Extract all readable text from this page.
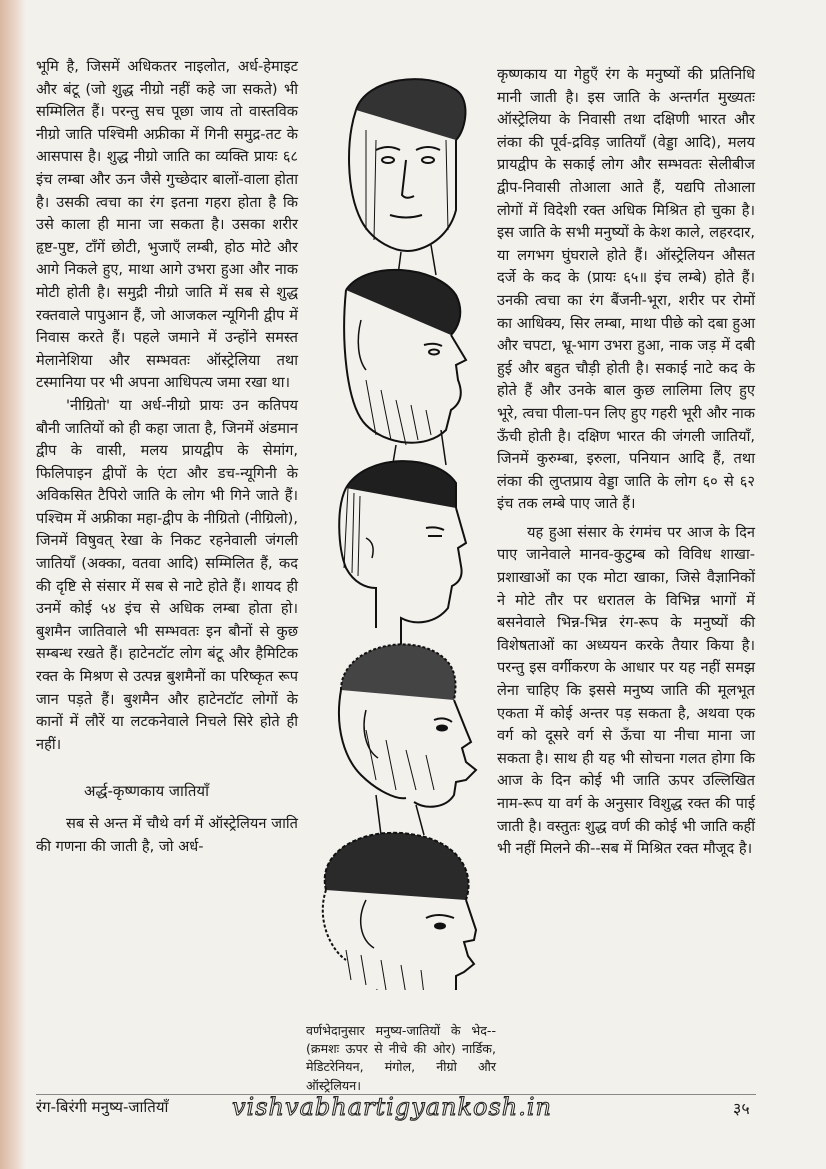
भूमि है, जिसमें अधिकतर नाइलोत, अर्ध-हेमाइट और बंटू (जो शुद्ध नीग्रो नहीं कहे जा सकते) भी सम्मिलित हैं। परन्तु सच पूछा जाय तो वास्तविक नीग्रो जाति पश्चिमी अफ्रीका में गिनी समुद्र-तट के आसपास है। शुद्ध नीग्रो जाति का व्यक्ति प्रायः ६८ इंच लम्बा और ऊन जैसे गुच्छेदार बालों-वाला होता है। उसकी त्वचा का रंग इतना गहरा होता है कि उसे काला ही माना जा सकता है। उसका शरीर हृष्ट-पुष्ट, टाँगें छोटी, भुजाएँ लम्बी, होठ मोटे और आगे निकले हुए, माथा आगे उभरा हुआ और नाक मोटी होती है। समुद्री नीग्रो जाति में सब से शुद्ध रक्तवाले पापुआन हैं, जो आजकल न्यूगिनी द्वीप में निवास करते हैं। पहले जमाने में उन्होंने समस्त मेलानेशिया और सम्भवतः ऑस्ट्रेलिया तथा टस्मानिया पर भी अपना आधिपत्य जमा रखा था।

'नीग्रितो' या अर्ध-नीग्रो प्रायः उन कतिपय बौनी जातियों को ही कहा जाता है, जिनमें अंडमान द्वीप के वासी, मलय प्रायद्वीप के सेमांग, फिलिपाइन द्वीपों के एंटा और डच-न्यूगिनी के अविकसित टैपिरो जाति के लोग भी गिने जाते हैं। पश्चिम में अफ्रीका महा-द्वीप के नीग्रितो (नीग्रिलो), जिनमें विषुवत् रेखा के निकट रहनेवाली जंगली जातियाँ (अक्का, वतवा आदि) सम्मिलित हैं, कद की दृष्टि से संसार में सब से नाटे होते हैं। शायद ही उनमें कोई ५४ इंच से अधिक लम्बा होता हो। बुशमैन जातिवाले भी सम्भवतः इन बौनों से कुछ सम्बन्ध रखते हैं। हाटेनटॉट लोग बंटू और हैमिटिक रक्त के मिश्रण से उत्पन्न बुशमैनों का परिष्कृत रूप जान पड़ते हैं। बुशमैन और हाटेनटॉट लोगों के कानों में लौरें या लटकनेवाले निचले सिरे होते ही नहीं।

अर्द्ध-कृष्णकाय जातियाँ

सब से अन्त में चौथे वर्ग में ऑस्ट्रेलियन जाति की गणना की जाती है, जो अर्ध-

वर्णभेदानुसार मनुष्य-जातियों के भेद--(क्रमशः ऊपर से नीचे की ओर) नार्डिक, मेडिटरेनियन, मंगोल, नीग्रो और ऑस्ट्रेलियन।

कृष्णकाय या गेहुएँ रंग के मनुष्यों की प्रतिनिधि मानी जाती है। इस जाति के अन्तर्गत मुख्यतः ऑस्ट्रेलिया के निवासी तथा दक्षिणी भारत और लंका की पूर्व-द्रविड़ जातियाँ (वेड्डा आदि), मलय प्रायद्वीप के सकाई लोग और सम्भवतः सेलीबीज द्वीप-निवासी तोआला आते हैं, यद्यपि तोआला लोगों में विदेशी रक्त अधिक मिश्रित हो चुका है। इस जाति के सभी मनुष्यों के केश काले, लहरदार, या लगभग घुंघराले होते हैं। ऑस्ट्रेलियन औसत दर्जे के कद के (प्रायः ६५॥ इंच लम्बे) होते हैं। उनकी त्वचा का रंग बैंजनी-भूरा, शरीर पर रोमों का आधिक्य, सिर लम्बा, माथा पीछे को दबा हुआ और चपटा, भ्रू-भाग उभरा हुआ, नाक जड़ में दबी हुई और बहुत चौड़ी होती है। सकाई नाटे कद के होते हैं और उनके बाल कुछ लालिमा लिए हुए भूरे, त्वचा पीला-पन लिए हुए गहरी भूरी और नाक ऊँची होती है। दक्षिण भारत की जंगली जातियाँ, जिनमें कुरुम्बा, इरुला, पनियान आदि हैं, तथा लंका की लुप्तप्राय वेड्डा जाति के लोग ६० से ६२ इंच तक लम्बे पाए जाते हैं।

यह हुआ संसार के रंगमंच पर आज के दिन पाए जानेवाले मानव-कुटुम्ब को विविध शाखा-प्रशाखाओं का एक मोटा खाका, जिसे वैज्ञानिकों ने मोटे तौर पर धरातल के विभिन्न भागों में बसनेवाले भिन्न-भिन्न रंग-रूप के मनुष्यों की विशेषताओं का अध्ययन करके तैयार किया है। परन्तु इस वर्गीकरण के आधार पर यह नहीं समझ लेना चाहिए कि इससे मनुष्य जाति की मूलभूत एकता में कोई अन्तर पड़ सकता है, अथवा एक वर्ग को दूसरे वर्ग से ऊँचा या नीचा माना जा सकता है। साथ ही यह भी सोचना गलत होगा कि आज के दिन कोई भी जाति ऊपर उल्लिखित नाम-रूप या वर्ग के अनुसार विशुद्ध रक्त की पाई जाती है। वस्तुतः शुद्ध वर्ण की कोई भी जाति कहीं भी नहीं मिलने की--सब में मिश्रित रक्त मौजूद है।

रंग-बिरंगी मनुष्य-जातियाँ	vishvabhartigyankosh.in	३५
